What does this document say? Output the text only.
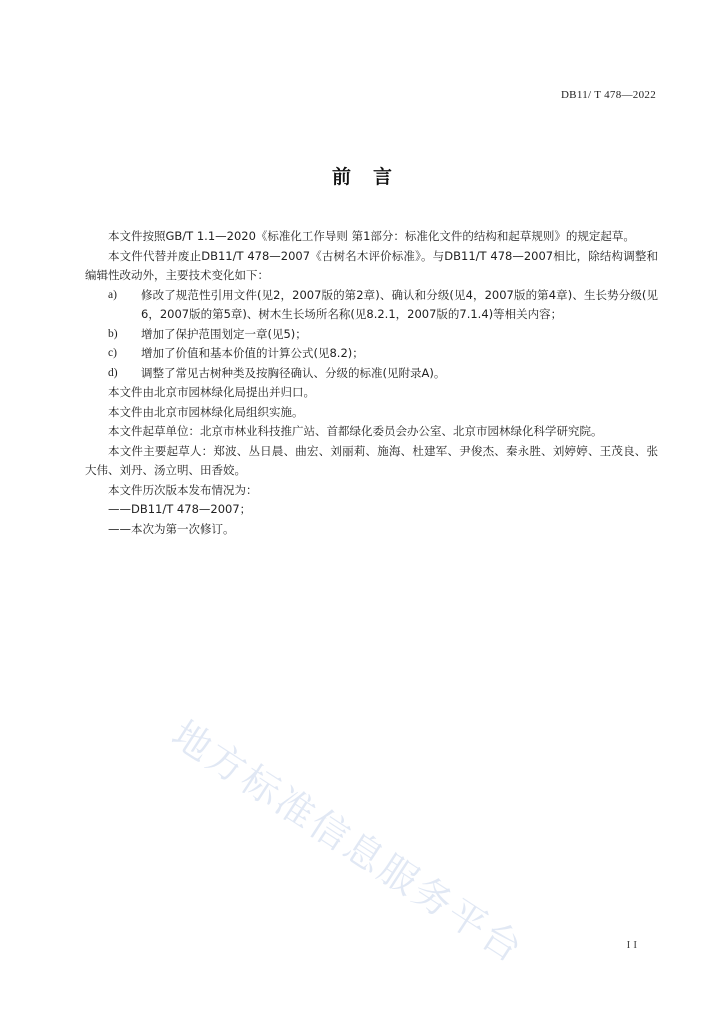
DB11/ T 478—2022
前言

本文件按照GB/T 1.1—2020《标准化工作导则 第1部分：标准化文件的结构和起草规则》的规定起草。

本文件代替并废止DB11/T 478—2007《古树名木评价标准》。与DB11/T 478—2007相比，除结构调整和编辑性改动外，主要技术变化如下：

a)	修改了规范性引用文件(见2，2007版的第2章)、确认和分级(见4，2007版的第4章)、生长势分级(见6，2007版的第5章)、树木生长场所名称(见8.2.1，2007版的7.1.4)等相关内容；
b)	增加了保护范围划定一章(见5)；
c)	增加了价值和基本价值的计算公式(见8.2)；
d)	调整了常见古树种类及按胸径确认、分级的标准(见附录A)。

本文件由北京市园林绿化局提出并归口。

本文件由北京市园林绿化局组织实施。

本文件起草单位：北京市林业科技推广站、首都绿化委员会办公室、北京市园林绿化科学研究院。

本文件主要起草人：郑波、丛日晨、曲宏、刘丽莉、施海、杜建军、尹俊杰、秦永胜、刘婷婷、王茂良、张大伟、刘丹、汤立明、田香姣。

本文件历次版本发布情况为：

——DB11/T 478—2007；

——本次为第一次修订。

地方标准信息服务平台	II
